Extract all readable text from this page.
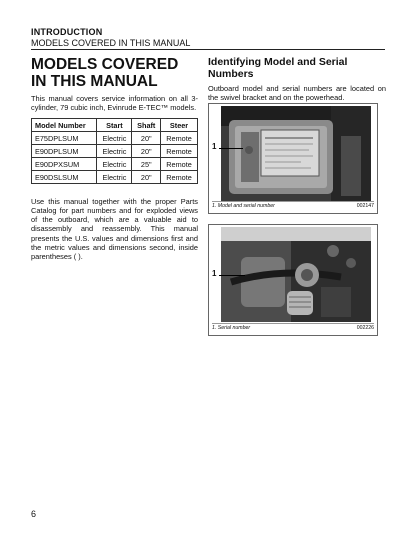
INTRODUCTION
MODELS COVERED IN THIS MANUAL
MODELS COVERED IN THIS MANUAL

This manual covers service information on all 3-cylinder, 79 cubic inch, Evinrude E-TEC™ models.

Model Number	Start	Shaft	Steer
E75DPLSUM	Electric	20"	Remote
E90DPLSUM	Electric	20"	Remote
E90DPXSUM	Electric	25"	Remote
E90DSLSUM	Electric	20"	Remote

Use this manual together with the proper Parts Catalog for part numbers and for exploded views of the outboard, which are a valuable aid to disassembly and reassembly. This manual presents the U.S. values and dimensions first and the metric values and dimensions second, inside parentheses ( ).

Identifying Model and Serial Numbers

Outboard model and serial numbers are located on the swivel bracket and on the powerhead.

1
1. Model and serial number	002147
1
1. Serial number	002226
6
